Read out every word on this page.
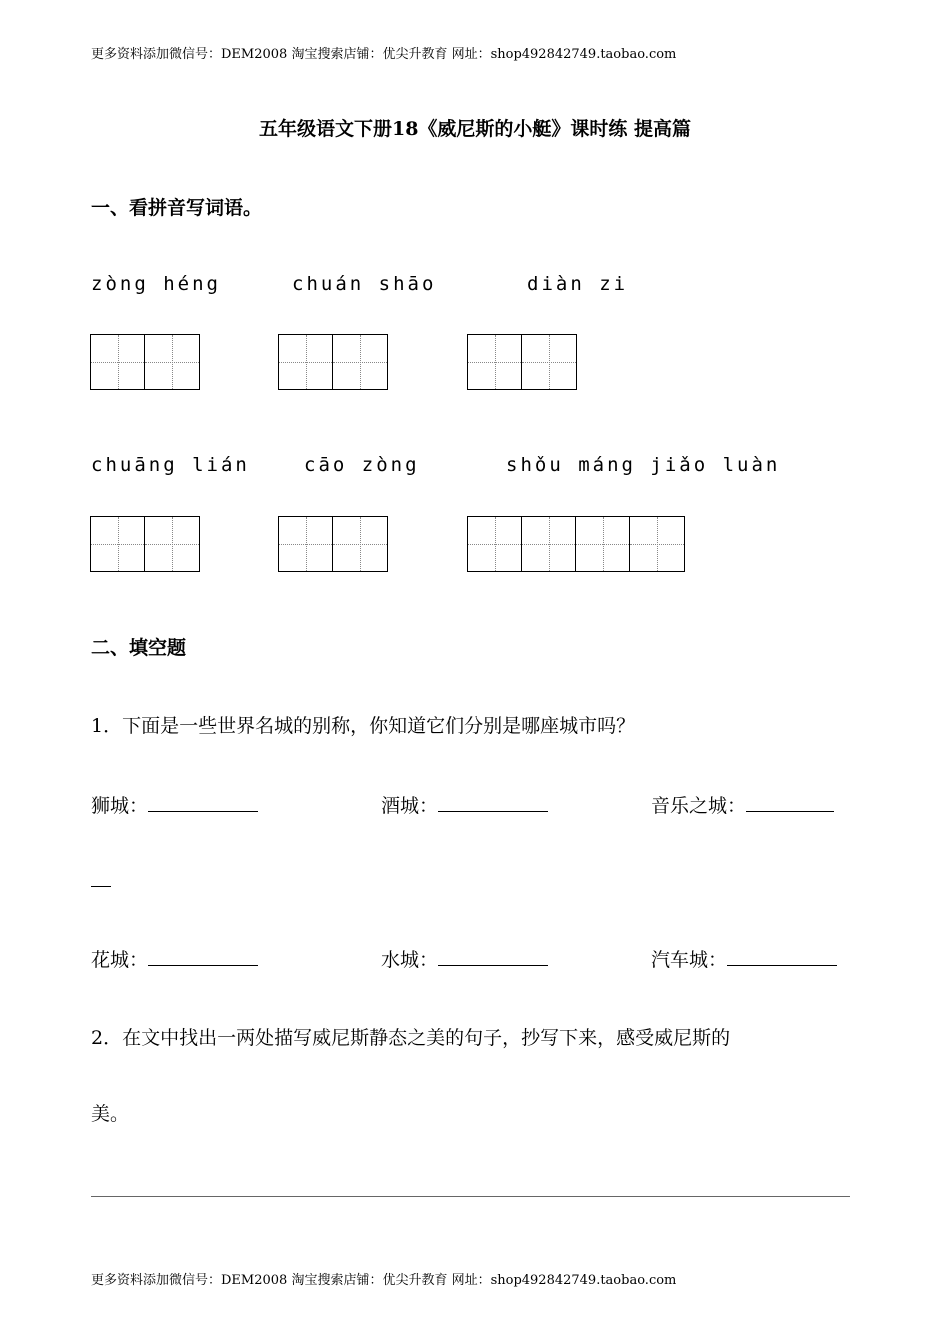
更多资料添加微信号：DEM2008 淘宝搜索店铺：优尖升教育 网址：shop492842749.taobao.com
五年级语文下册18《威尼斯的小艇》课时练 提高篇
一、看拼音写词语。
zòng héng	chuán shāo	diàn zi
chuāng lián	cāo zòng	shǒu máng jiǎo luàn
二、填空题
1．下面是一些世界名城的别称，你知道它们分别是哪座城市吗？
狮城：	酒城：	音乐之城：
花城：	水城：	汽车城：
2．在文中找出一两处描写威尼斯静态之美的句子，抄写下来，感受威尼斯的
美。
更多资料添加微信号：DEM2008 淘宝搜索店铺：优尖升教育 网址：shop492842749.taobao.com
